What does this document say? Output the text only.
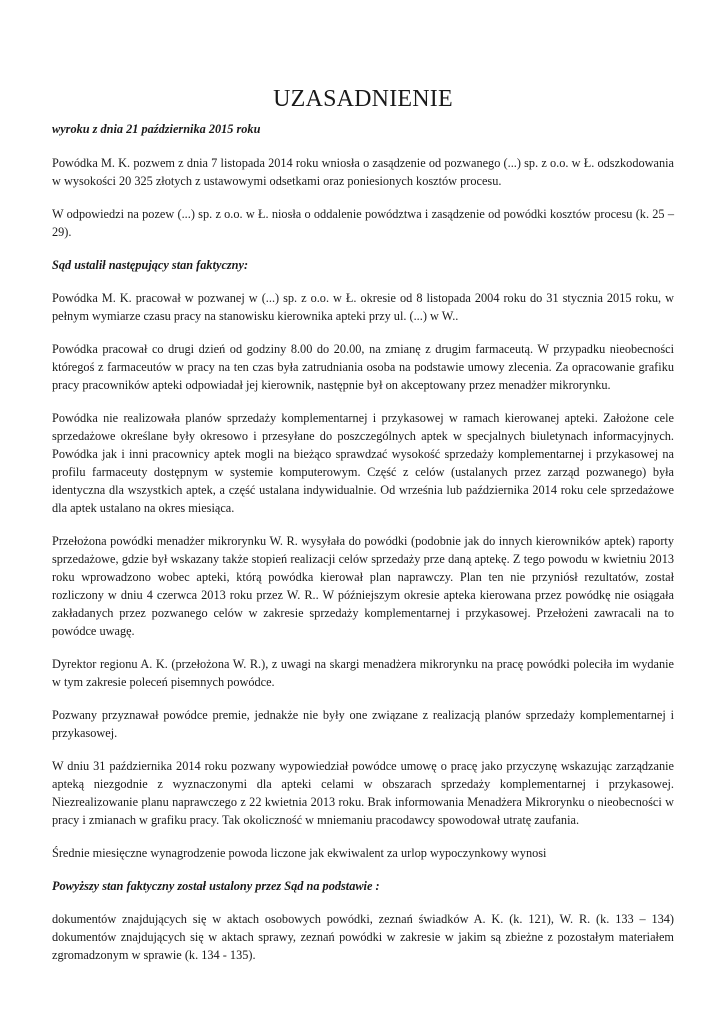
UZASADNIENIE
wyroku z dnia 21 października 2015 roku

Powódka M. K. pozwem z dnia 7 listopada 2014 roku wniosła o zasądzenie od pozwanego (...) sp. z o.o. w Ł. odszkodowania w wysokości 20 325 złotych z ustawowymi odsetkami oraz poniesionych kosztów procesu.

W odpowiedzi na pozew (...) sp. z o.o. w Ł. niosła o oddalenie powództwa i zasądzenie od powódki kosztów procesu (k. 25 – 29).

Sąd ustalił następujący stan faktyczny:

Powódka M. K. pracował w pozwanej w (...) sp. z o.o. w Ł. okresie od 8 listopada 2004 roku do 31 stycznia 2015 roku, w pełnym wymiarze czasu pracy na stanowisku kierownika apteki przy ul. (...) w W..

Powódka pracował co drugi dzień od godziny 8.00 do 20.00, na zmianę z drugim farmaceutą. W przypadku nieobecności któregoś z farmaceutów w pracy na ten czas była zatrudniania osoba na podstawie umowy zlecenia. Za opracowanie grafiku pracy pracowników apteki odpowiadał jej kierownik, następnie był on akceptowany przez menadżer mikrorynku.

Powódka nie realizowała planów sprzedaży komplementarnej i przykasowej w ramach kierowanej apteki. Założone cele sprzedażowe określane były okresowo i przesyłane do poszczególnych aptek w specjalnych biuletynach informacyjnych. Powódka jak i inni pracownicy aptek mogli na bieżąco sprawdzać wysokość sprzedaży komplementarnej i przykasowej na profilu farmaceuty dostępnym w systemie komputerowym. Część z celów (ustalanych przez zarząd pozwanego) była identyczna dla wszystkich aptek, a część ustalana indywidualnie. Od września lub października 2014 roku cele sprzedażowe dla aptek ustalano na okres miesiąca.

Przełożona powódki menadżer mikrorynku W. R. wysyłała do powódki (podobnie jak do innych kierowników aptek) raporty sprzedażowe, gdzie był wskazany także stopień realizacji celów sprzedaży prze daną aptekę. Z tego powodu w kwietniu 2013 roku wprowadzono wobec apteki, którą powódka kierował plan naprawczy. Plan ten nie przyniósł rezultatów, został rozliczony w dniu 4 czerwca 2013 roku przez W. R.. W późniejszym okresie apteka kierowana przez powódkę nie osiągała zakładanych przez pozwanego celów w zakresie sprzedaży komplementarnej i przykasowej. Przełożeni zawracali na to powódce uwagę.

Dyrektor regionu A. K. (przełożona W. R.), z uwagi na skargi menadżera mikrorynku na pracę powódki poleciła im wydanie w tym zakresie poleceń pisemnych powódce.

Pozwany przyznawał powódce premie, jednakże nie były one związane z realizacją planów sprzedaży komplementarnej i przykasowej.

W dniu 31 października 2014 roku pozwany wypowiedział powódce umowę o pracę jako przyczynę wskazując zarządzanie apteką niezgodnie z wyznaczonymi dla apteki celami w obszarach sprzedaży komplementarnej i przykasowej. Niezrealizowanie planu naprawczego z 22 kwietnia 2013 roku. Brak informowania Menadżera Mikrorynku o nieobecności w pracy i zmianach w grafiku pracy. Tak okoliczność w mniemaniu pracodawcy spowodował utratę zaufania.

Średnie miesięczne wynagrodzenie powoda liczone jak ekwiwalent za urlop wypoczynkowy wynosi

Powyższy stan faktyczny został ustalony przez Sąd na podstawie :

dokumentów znajdujących się w aktach osobowych powódki, zeznań świadków A. K. (k. 121), W. R. (k. 133 – 134) dokumentów znajdujących się w aktach sprawy, zeznań powódki w zakresie w jakim są zbieżne z pozostałym materiałem zgromadzonym w sprawie (k. 134 - 135).
